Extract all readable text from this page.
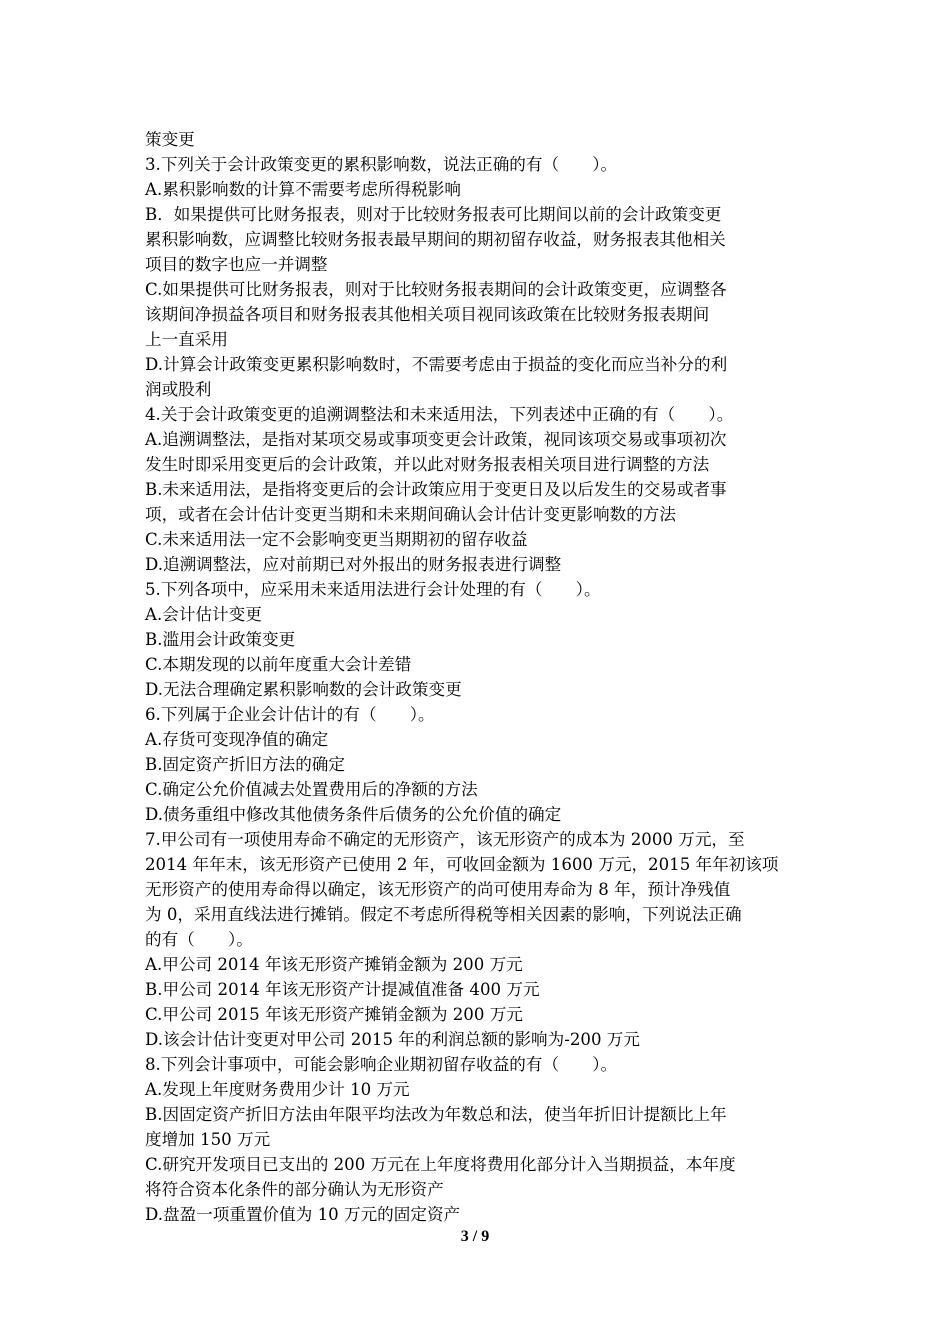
策变更
3.下列关于会计政策变更的累积影响数，说法正确的有（　　）。
A.累积影响数的计算不需要考虑所得税影响
B．如果提供可比财务报表，则对于比较财务报表可比期间以前的会计政策变更
累积影响数，应调整比较财务报表最早期间的期初留存收益，财务报表其他相关
项目的数字也应一并调整
C.如果提供可比财务报表，则对于比较财务报表期间的会计政策变更，应调整各
该期间净损益各项目和财务报表其他相关项目视同该政策在比较财务报表期间
上一直采用
D.计算会计政策变更累积影响数时，不需要考虑由于损益的变化而应当补分的利
润或股利
4.关于会计政策变更的追溯调整法和未来适用法，下列表述中正确的有（　　）。
A.追溯调整法，是指对某项交易或事项变更会计政策，视同该项交易或事项初次
发生时即采用变更后的会计政策，并以此对财务报表相关项目进行调整的方法
B.未来适用法，是指将变更后的会计政策应用于变更日及以后发生的交易或者事
项，或者在会计估计变更当期和未来期间确认会计估计变更影响数的方法
C.未来适用法一定不会影响变更当期期初的留存收益
D.追溯调整法，应对前期已对外报出的财务报表进行调整
5.下列各项中，应采用未来适用法进行会计处理的有（　　）。
A.会计估计变更
B.滥用会计政策变更
C.本期发现的以前年度重大会计差错
D.无法合理确定累积影响数的会计政策变更
6.下列属于企业会计估计的有（　　）。
A.存货可变现净值的确定
B.固定资产折旧方法的确定
C.确定公允价值减去处置费用后的净额的方法
D.债务重组中修改其他债务条件后债务的公允价值的确定
7.甲公司有一项使用寿命不确定的无形资产，该无形资产的成本为 2000 万元，至
2014 年年末，该无形资产已使用 2 年，可收回金额为 1600 万元，2015 年年初该项
无形资产的使用寿命得以确定，该无形资产的尚可使用寿命为 8 年，预计净残值
为 0，采用直线法进行摊销。假定不考虑所得税等相关因素的影响，下列说法正确
的有（　　）。
A.甲公司 2014 年该无形资产摊销金额为 200 万元
B.甲公司 2014 年该无形资产计提减值准备 400 万元
C.甲公司 2015 年该无形资产摊销金额为 200 万元
D.该会计估计变更对甲公司 2015 年的利润总额的影响为-200 万元
8.下列会计事项中，可能会影响企业期初留存收益的有（　　）。
A.发现上年度财务费用少计 10 万元
B.因固定资产折旧方法由年限平均法改为年数总和法，使当年折旧计提额比上年
度增加 150 万元
C.研究开发项目已支出的 200 万元在上年度将费用化部分计入当期损益，本年度
将符合资本化条件的部分确认为无形资产
D.盘盈一项重置价值为 10 万元的固定资产
3 / 9
